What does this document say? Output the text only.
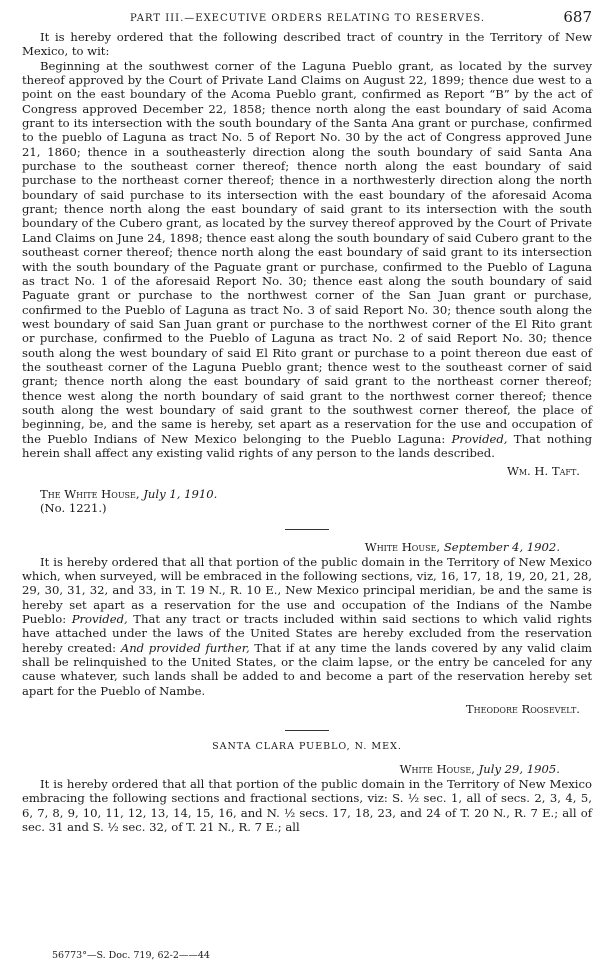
PART III.—EXECUTIVE ORDERS RELATING TO RESERVES.	687

It is hereby ordered that the following described tract of country in the Territory of New Mexico, to wit:

Beginning at the southwest corner of the Laguna Pueblo grant, as located by the survey thereof approved by the Court of Private Land Claims on August 22, 1899; thence due west to a point on the east boundary of the Acoma Pueblo grant, confirmed as Report “B” by the act of Congress approved December 22, 1858; thence north along the east boundary of said Acoma grant to its intersection with the south boundary of the Santa Ana grant or purchase, confirmed to the pueblo of Laguna as tract No. 5 of Report No. 30 by the act of Congress approved June 21, 1860; thence in a southeasterly direction along the south boundary of said Santa Ana purchase to the southeast corner thereof; thence north along the east boundary of said purchase to the northeast corner thereof; thence in a northwesterly direction along the north boundary of said purchase to its intersection with the east boundary of the aforesaid Acoma grant; thence north along the east boundary of said grant to its intersection with the south boundary of the Cubero grant, as located by the survey thereof approved by the Court of Private Land Claims on June 24, 1898; thence east along the south boundary of said Cubero grant to the southeast corner thereof; thence north along the east boundary of said grant to its intersection with the south boundary of the Paguate grant or purchase, confirmed to the Pueblo of Laguna as tract No. 1 of the aforesaid Report No. 30; thence east along the south boundary of said Paguate grant or purchase to the northwest corner of the San Juan grant or purchase, confirmed to the Pueblo of Laguna as tract No. 3 of said Report No. 30; thence south along the west boundary of said San Juan grant or purchase to the northwest corner of the El Rito grant or purchase, confirmed to the Pueblo of Laguna as tract No. 2 of said Report No. 30; thence south along the west boundary of said El Rito grant or purchase to a point thereon due east of the southeast corner of the Laguna Pueblo grant; thence west to the southeast corner of said grant; thence north along the east boundary of said grant to the northeast corner thereof; thence west along the north boundary of said grant to the northwest corner thereof; thence south along the west boundary of said grant to the southwest corner thereof, the place of beginning, be, and the same is hereby, set apart as a reservation for the use and occupation of the Pueblo Indians of New Mexico belonging to the Pueblo Laguna: Provided, That nothing herein shall affect any existing valid rights of any person to the lands described.

Wm. H. Taft.
The White House, July 1, 1910.
(No. 1221.)
White House, September 4, 1902.

It is hereby ordered that all that portion of the public domain in the Territory of New Mexico which, when surveyed, will be embraced in the following sections, viz, 16, 17, 18, 19, 20, 21, 28, 29, 30, 31, 32, and 33, in T. 19 N., R. 10 E., New Mexico principal meridian, be and the same is hereby set apart as a reservation for the use and occupation of the Indians of the Nambe Pueblo: Provided, That any tract or tracts included within said sections to which valid rights have attached under the laws of the United States are hereby excluded from the reservation hereby created: And provided further, That if at any time the lands covered by any valid claim shall be relinquished to the United States, or the claim lapse, or the entry be canceled for any cause whatever, such lands shall be added to and become a part of the reservation hereby set apart for the Pueblo of Nambe.

Theodore Roosevelt.
SANTA CLARA PUEBLO, N. MEX.
White House, July 29, 1905.

It is hereby ordered that all that portion of the public domain in the Territory of New Mexico embracing the following sections and fractional sections, viz: S. ½ sec. 1, all of secs. 2, 3, 4, 5, 6, 7, 8, 9, 10, 11, 12, 13, 14, 15, 16, and N. ½ secs. 17, 18, 23, and 24 of T. 20 N., R. 7 E.; all of sec. 31 and S. ½ sec. 32, of T. 21 N., R. 7 E.; all

56773°—S. Doc. 719, 62-2——44
